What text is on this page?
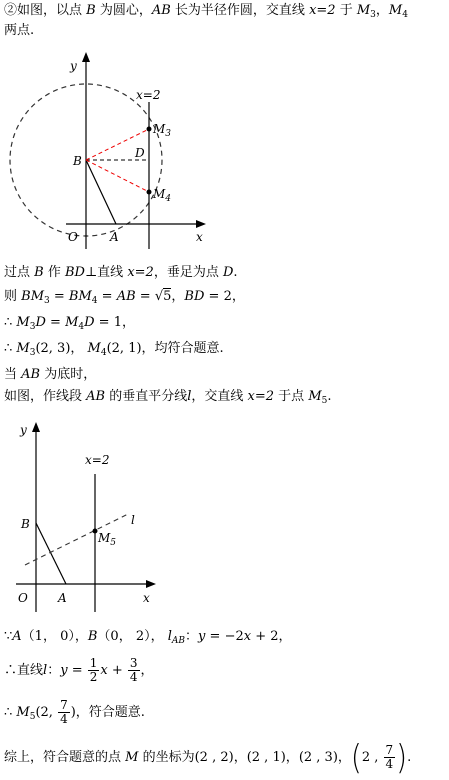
②如图，以点 B 为圆心，AB 长为半径作圆，交直线 x=2 于 $M_3$，$M_4$
两点.
y
x
O	A
B
D
$M_3$
$M_4$
x=2
过点 B 作 BD⊥直线 x=2，垂足为点 D.
则 $BM_3 = BM_4$ = AB = √5，BD = 2，
∴ $M_3D = M_4D = 1$，
∴ $M_3(2$, 3)， $M_4(2$, 1)，均符合题意.
当 AB 为底时，
如图，作线段 AB 的垂直平分线l，交直线 x=2 于点 $M_5$.
y
x
O	A
B	l
$M_5$
x=2
∵A（1， 0），B（0， 2）， $l_{AB}$：y = −2x + 2，
∴直线l：$y = \frac{1}{2}$ $x + \frac{3}{4}$ ，
∴ $M_5(2$, $\frac{7}{4}$ )，符合题意.
综上，符合题意的点 M 的坐标为(2 , 2)，(2 , 1)，(2 , 3)，(2 , $\frac{7}{4}$ ).
